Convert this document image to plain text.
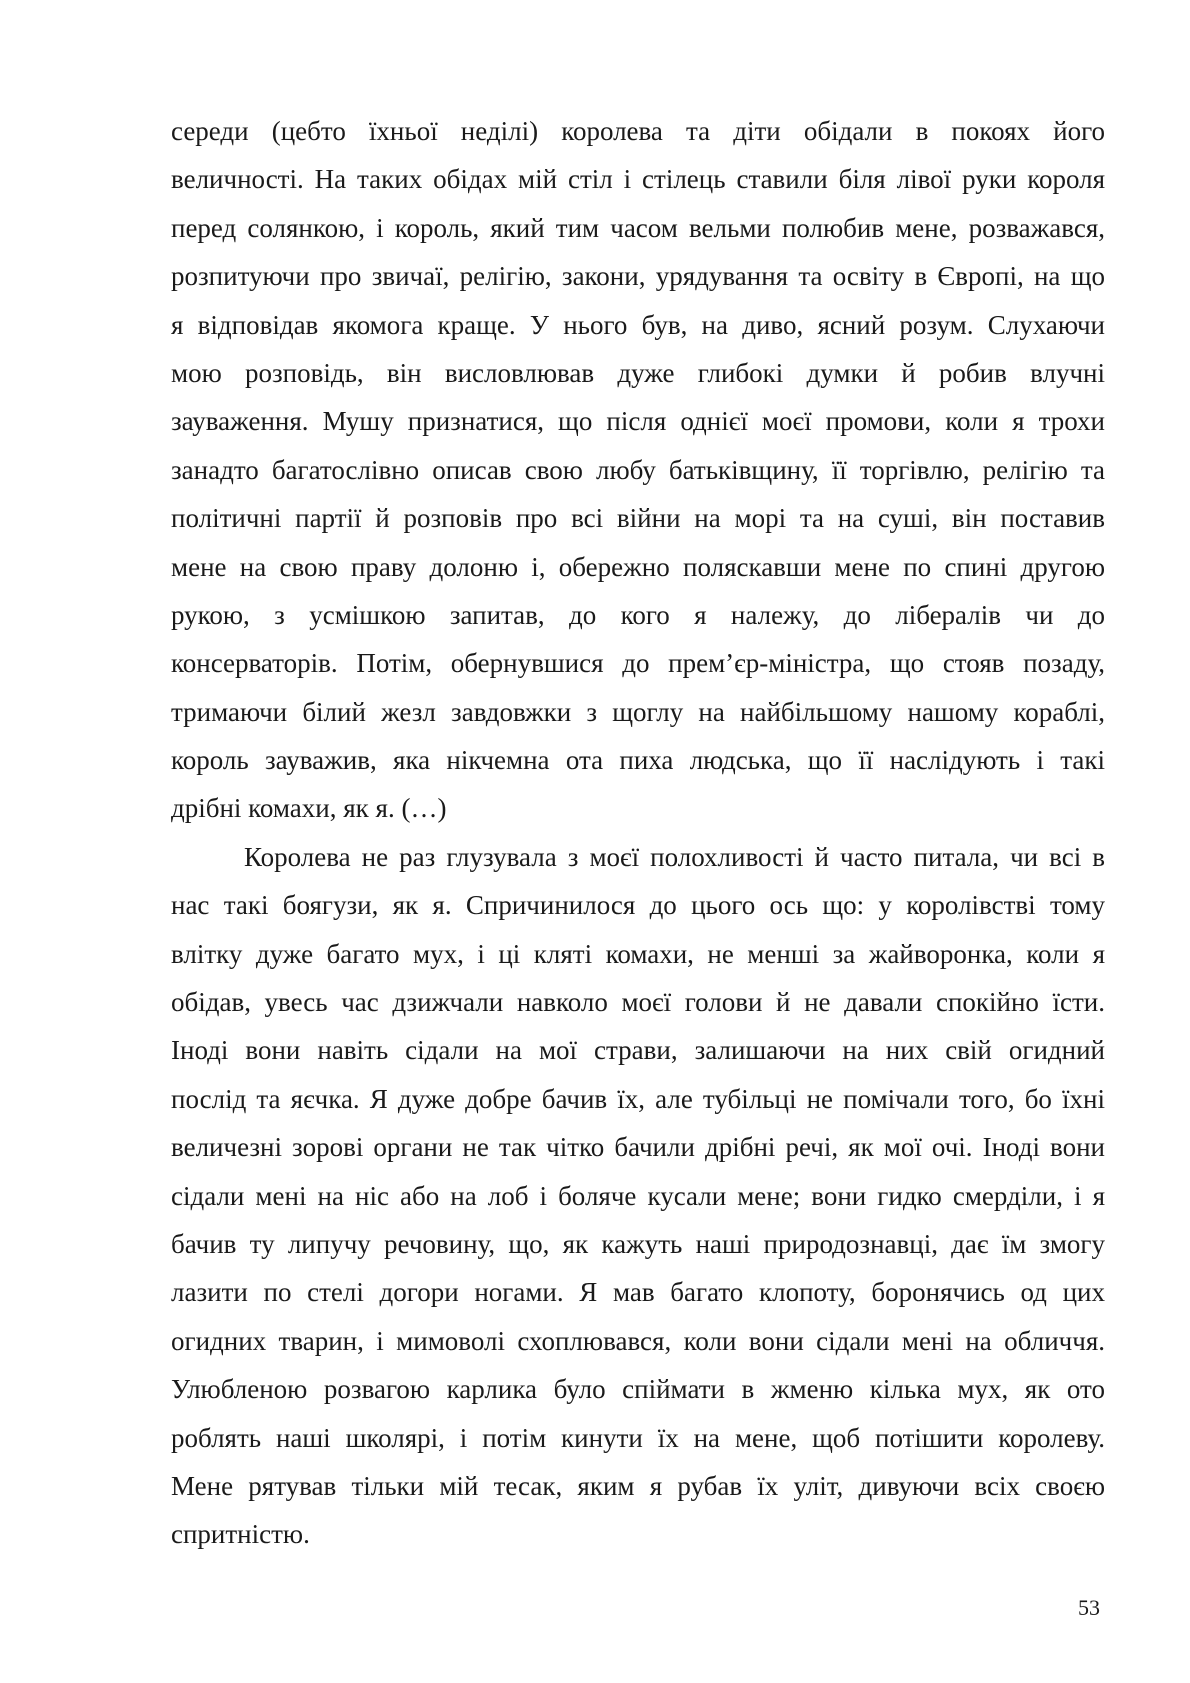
середи (цебто їхньої неділі) королева та діти обідали в покоях його
величності. На таких обідах мій стіл і стілець ставили біля лівої руки короля
перед солянкою, і король, який тим часом вельми полюбив мене, розважався,
розпитуючи про звичаї, релігію, закони, урядування та освіту в Європі, на що
я відповідав якомога краще. У нього був, на диво, ясний розум. Слухаючи
мою розповідь, він висловлював дуже глибокі думки й робив влучні
зауваження. Мушу признатися, що після однієї моєї промови, коли я трохи
занадто багатослівно описав свою любу батьківщину, її торгівлю, релігію та
політичні партії й розповів про всі війни на морі та на суші, він поставив
мене на свою праву долоню і, обережно поляскавши мене по спині другою
рукою, з усмішкою запитав, до кого я належу, до лібералів чи до
консерваторів. Потім, обернувшися до прем’єр-міністра, що стояв позаду,
тримаючи білий жезл завдовжки з щоглу на найбільшому нашому кораблі,
король зауважив, яка нікчемна ота пиха людська, що її наслідують і такі
дрібні комахи, як я. (…)
Королева не раз глузувала з моєї полохливості й часто питала, чи всі в
нас такі боягузи, як я. Спричинилося до цього ось що: у королівстві тому
влітку дуже багато мух, і ці кляті комахи, не менші за жайворонка, коли я
обідав, увесь час дзижчали навколо моєї голови й не давали спокійно їсти.
Іноді вони навіть сідали на мої страви, залишаючи на них свій огидний
послід та яєчка. Я дуже добре бачив їх, але тубільці не помічали того, бо їхні
величезні зорові органи не так чітко бачили дрібні речі, як мої очі. Іноді вони
сідали мені на ніс або на лоб і боляче кусали мене; вони гидко смерділи, і я
бачив ту липучу речовину, що, як кажуть наші природознавці, дає їм змогу
лазити по стелі догори ногами. Я мав багато клопоту, боронячись од цих
огидних тварин, і мимоволі схоплювався, коли вони сідали мені на обличчя.
Улюбленою розвагою карлика було спіймати в жменю кілька мух, як ото
роблять наші школярі, і потім кинути їх на мене, щоб потішити королеву.
Мене рятував тільки мій тесак, яким я рубав їх уліт, дивуючи всіх своєю
спритністю.
53
